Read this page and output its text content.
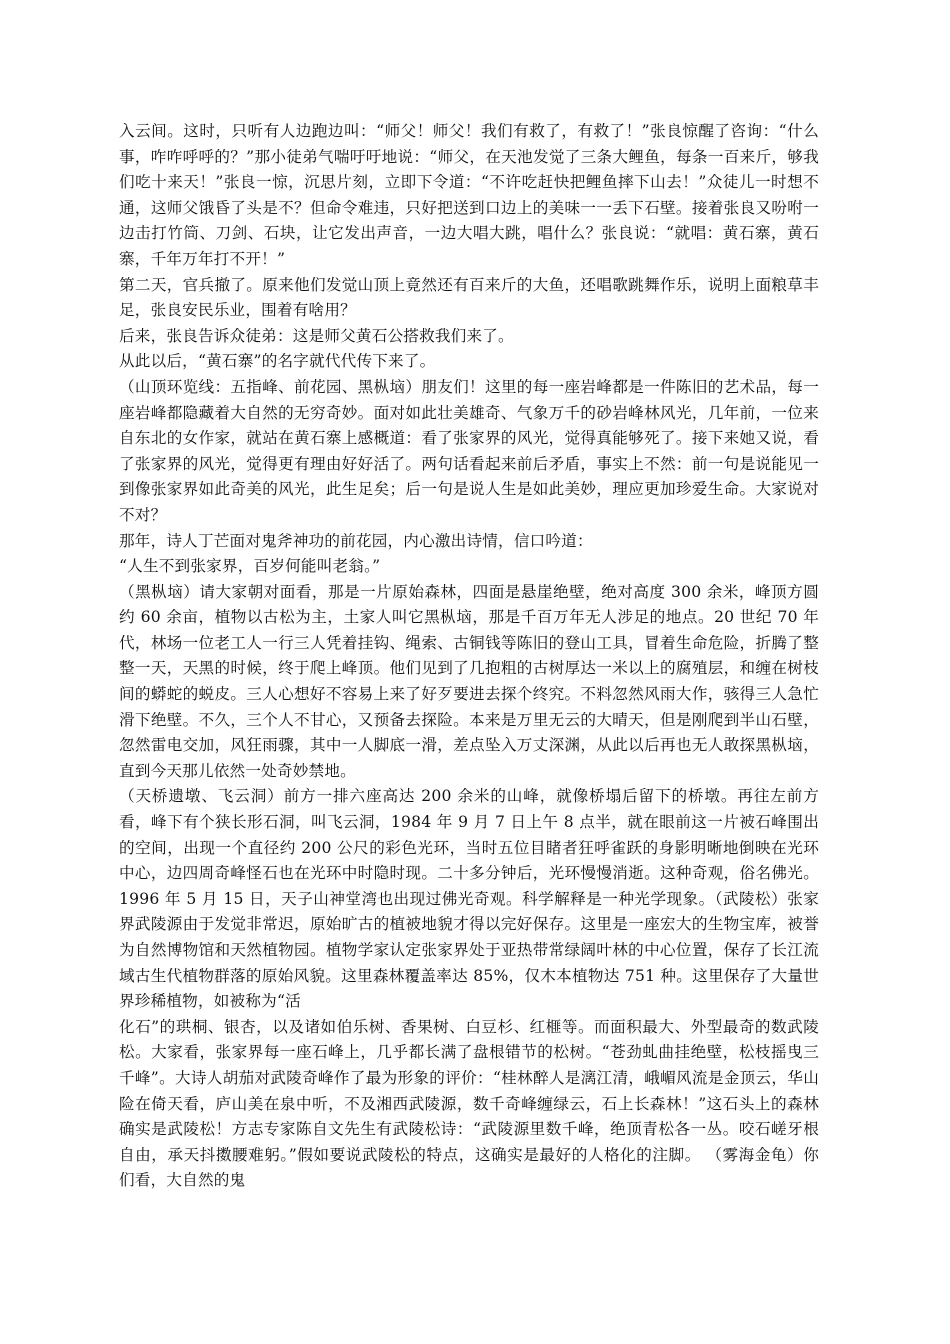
入云间。这时，只听有人边跑边叫：“师父！师父！我们有救了，有救了！”张良惊醒了咨询：“什么事，咋咋呼呼的？”那小徒弟气喘吁吁地说：“师父，在天池发觉了三条大鲤鱼，每条一百来斤，够我们吃十来天！”张良一惊，沉思片刻，立即下令道：“不许吃赶快把鲤鱼摔下山去！”众徒儿一时想不通，这师父饿昏了头是不？但命令难违，只好把送到口边上的美味一一丢下石壁。接着张良又吩咐一边击打竹筒、刀剑、石块，让它发出声音，一边大唱大跳，唱什么？张良说：“就唱：黄石寨，黄石寨，千年万年打不开！”

第二天，官兵撤了。原来他们发觉山顶上竟然还有百来斤的大鱼，还唱歌跳舞作乐，说明上面粮草丰足，张良安民乐业，围着有啥用？

后来，张良告诉众徒弟：这是师父黄石公搭救我们来了。

从此以后，“黄石寨”的名字就代代传下来了。

（山顶环览线：五指峰、前花园、黑枞垴）朋友们！这里的每一座岩峰都是一件陈旧的艺术品，每一座岩峰都隐藏着大自然的无穷奇妙。面对如此壮美雄奇、气象万千的砂岩峰林风光，几年前，一位来自东北的女作家，就站在黄石寨上感概道：看了张家界的风光，觉得真能够死了。接下来她又说，看了张家界的风光，觉得更有理由好好活了。两句话看起来前后矛盾，事实上不然：前一句是说能见一到像张家界如此奇美的风光，此生足矣；后一句是说人生是如此美妙，理应更加珍爱生命。大家说对不对？

那年，诗人丁芒面对鬼斧神功的前花园，内心激出诗情，信口吟道：

“人生不到张家界，百岁何能叫老翁。”

（黑枞垴）请大家朝对面看，那是一片原始森林，四面是悬崖绝壁，绝对高度 300 余米，峰顶方圆约 60 余亩，植物以古松为主，土家人叫它黑枞垴，那是千百万年无人涉足的地点。20 世纪 70 年代，林场一位老工人一行三人凭着挂钩、绳索、古铜钱等陈旧的登山工具，冒着生命危险，折腾了整整一天，天黑的时候，终于爬上峰顶。他们见到了几抱粗的古树厚达一米以上的腐殖层，和缠在树枝间的蟒蛇的蜕皮。三人心想好不容易上来了好歹要进去探个终究。不料忽然风雨大作，骇得三人急忙滑下绝壁。不久，三个人不甘心，又预备去探险。本来是万里无云的大晴天，但是刚爬到半山石壁，忽然雷电交加，风狂雨骤，其中一人脚底一滑，差点坠入万丈深渊，从此以后再也无人敢探黑枞垴，直到今天那儿依然一处奇妙禁地。

（天桥遗墩、飞云洞）前方一排六座高达 200 余米的山峰，就像桥塌后留下的桥墩。再往左前方看，峰下有个狭长形石洞，叫飞云洞，1984 年 9 月 7 日上午 8 点半，就在眼前这一片被石峰围出的空间，出现一个直径约 200 公尺的彩色光环，当时五位目睹者狂呼雀跃的身影明晰地倒映在光环中心，边四周奇峰怪石也在光环中时隐时现。二十多分钟后，光环慢慢消逝。这种奇观，俗名佛光。1996 年 5 月 15 日，天子山神堂湾也出现过佛光奇观。科学解释是一种光学现象。（武陵松）张家界武陵源由于发觉非常迟，原始旷古的植被地貌才得以完好保存。这里是一座宏大的生物宝库，被誉为自然博物馆和天然植物园。植物学家认定张家界处于亚热带常绿阔叶林的中心位置，保存了长江流域古生代植物群落的原始风貌。这里森林覆盖率达 85%，仅木本植物达 751 种。这里保存了大量世界珍稀植物，如被称为“活

化石”的珙桐、银杏，以及诸如伯乐树、香果树、白豆杉、红榧等。而面积最大、外型最奇的数武陵松。大家看，张家界每一座石峰上，几乎都长满了盘根错节的松树。“苍劲虬曲挂绝壁，松枝摇曳三千峰”。大诗人胡茄对武陵奇峰作了最为形象的评价：“桂林醉人是漓江清，峨嵋风流是金顶云，华山险在倚天看，庐山美在泉中听，不及湘西武陵源，数千奇峰缠绿云，石上长森林！”这石头上的森林确实是武陵松！方志专家陈自文先生有武陵松诗：“武陵源里数千峰，绝顶青松各一丛。咬石嵯牙根自由，承天抖擞腰难躬。”假如要说武陵松的特点，这确实是最好的人格化的注脚。 （雾海金龟）你们看，大自然的鬼
